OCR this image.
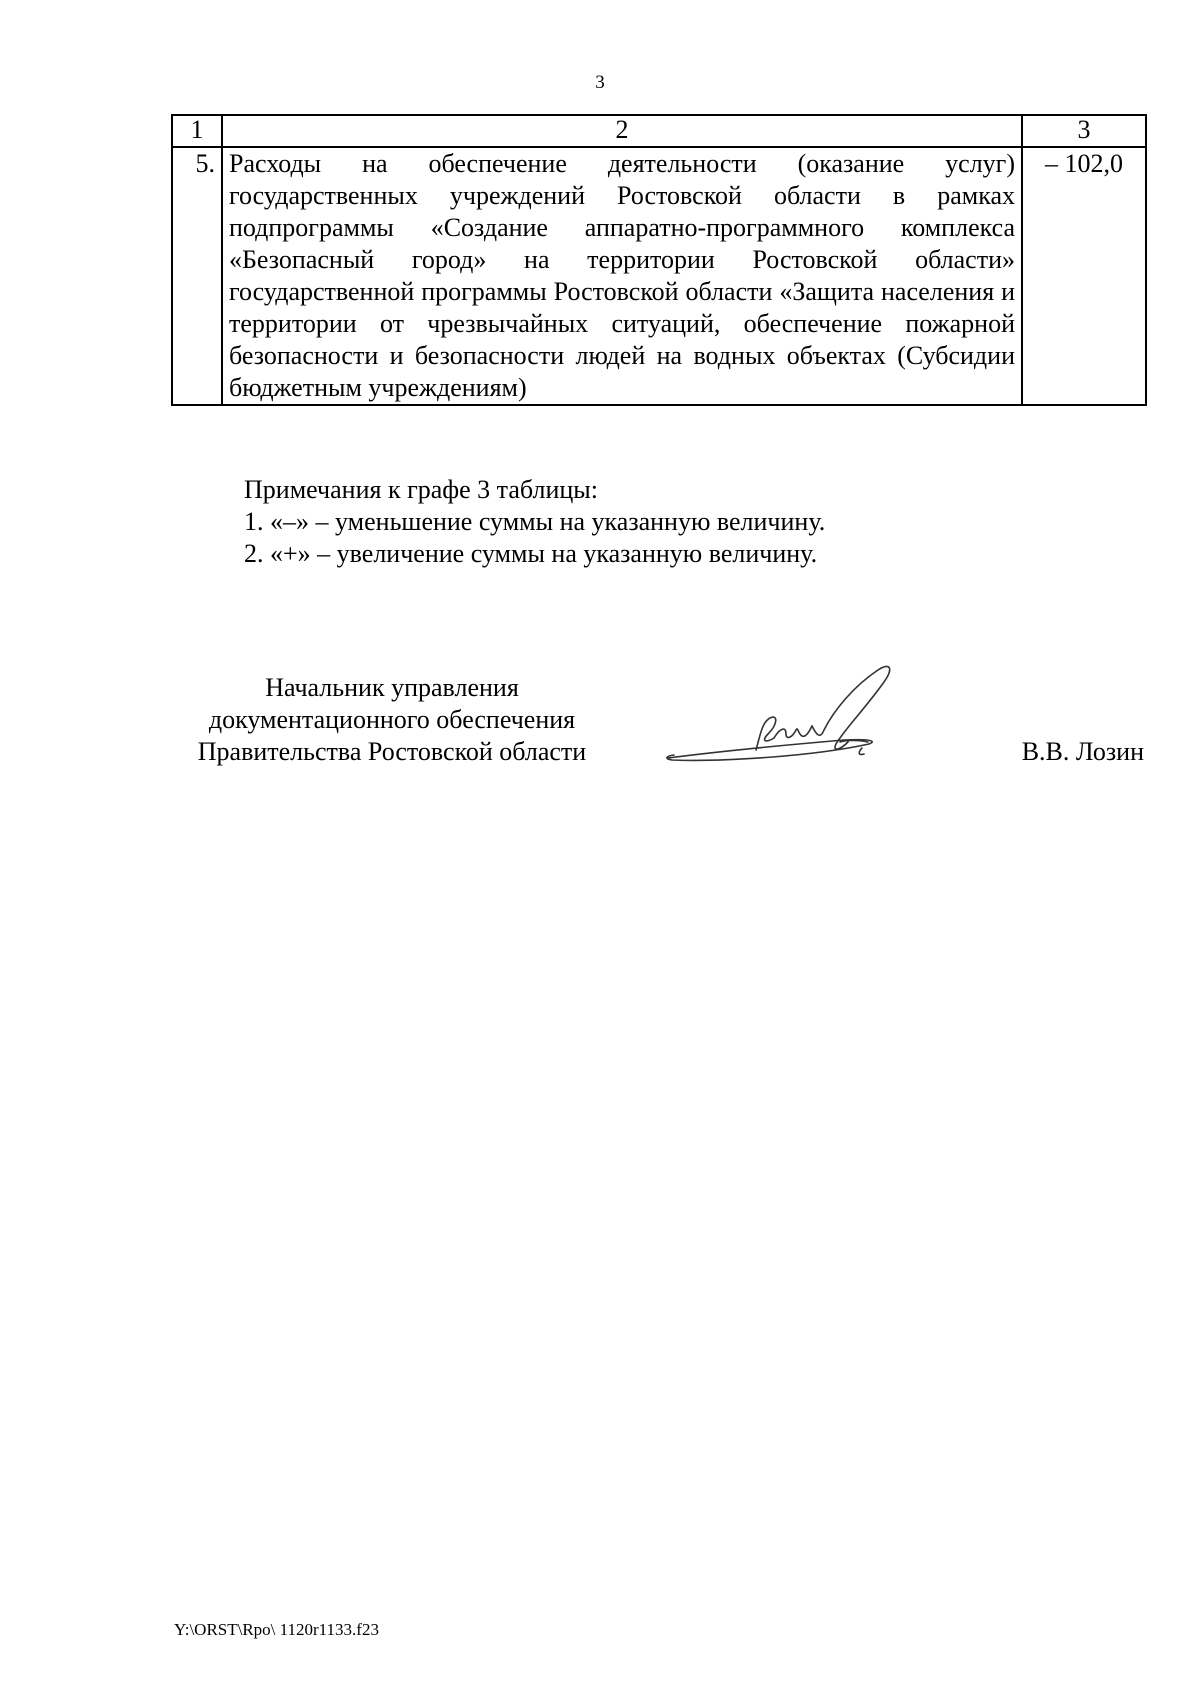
3
1	2	3
5.	Расходы на обеспечение деятельности (оказание услуг) государственных учреждений Ростовской области в рамках подпрограммы «Создание аппаратно-программного комплекса «Безопасный город» на территории Ростовской области» государственной программы Ростовской области «Защита населения и территории от чрезвычайных ситуаций, обеспечение пожарной безопасности и безопасности людей на водных объектах (Субсидии бюджетным учреждениям)	– 102,0
Примечания к графе 3 таблицы:
1. «–» – уменьшение суммы на указанную величину.
2. «+» – увеличение суммы на указанную величину.
Начальник управления
документационного обеспечения
Правительства Ростовской области	В.В. Лозин
Y:\ORST\Rpo\ 1120r1133.f23
